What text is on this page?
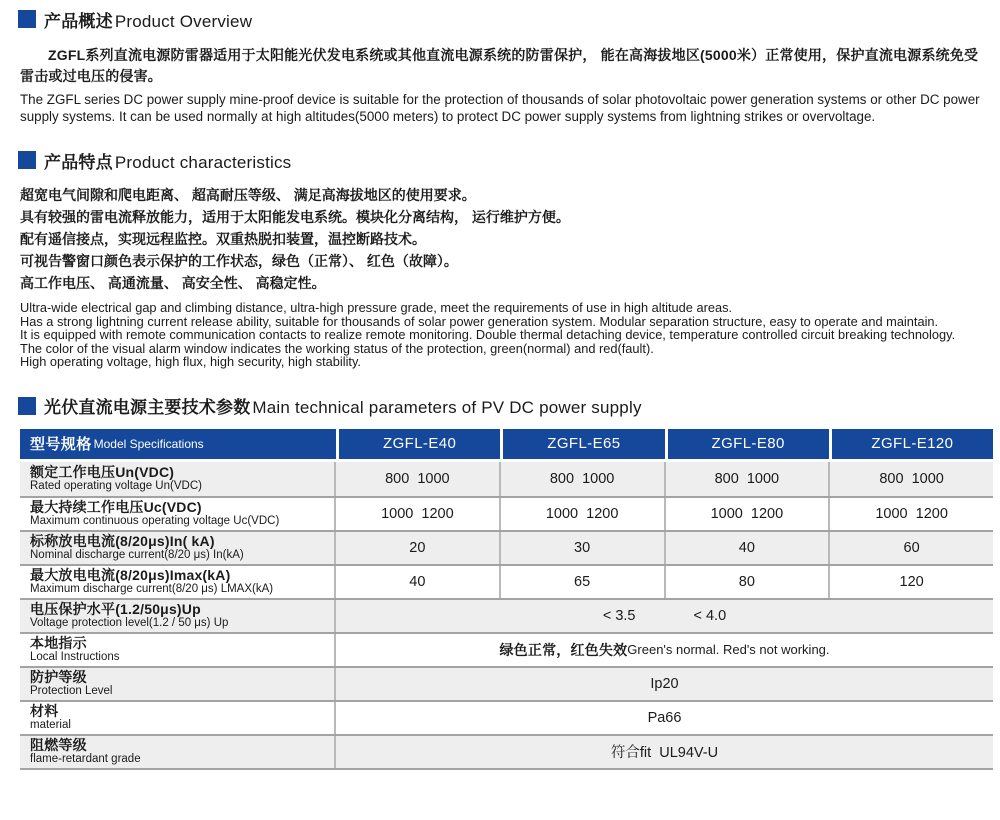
产品概述 Product Overview

ZGFL系列直流电源防雷器适用于太阳能光伏发电系统或其他直流电源系统的防雷保护， 能在高海拔地区(5000米）正常使用，保护直流电源系统免受雷击或过电压的侵害。

The ZGFL series DC power supply mine-proof device is suitable for the protection of thousands of solar photovoltaic power generation systems or other DC power supply systems. It can be used normally at high altitudes(5000 meters) to protect DC power supply systems from lightning strikes or overvoltage.

产品特点 Product characteristics
超宽电气间隙和爬电距离、 超高耐压等级、 满足高海拔地区的使用要求。
具有较强的雷电流释放能力，适用于太阳能发电系统。模块化分离结构， 运行维护方便。
配有遥信接点，实现远程监控。双重热脱扣装置，温控断路技术。
可视告警窗口颜色表示保护的工作状态，绿色（正常）、 红色（故障）。
高工作电压、 高通流量、 高安全性、 高稳定性。
Ultra-wide electrical gap and climbing distance, ultra-high pressure grade, meet the requirements of use in high altitude areas.
Has a strong lightning current release ability, suitable for thousands of solar power generation system. Modular separation structure, easy to operate and maintain.
It is equipped with remote communication contacts to realize remote monitoring. Double thermal detaching device, temperature controlled circuit breaking technology.
The color of the visual alarm window indicates the working status of the protection, green(normal) and red(fault).
High operating voltage, high flux, high security, high stability.
光伏直流电源主要技术参数 Main technical parameters of PV DC power supply
型号规格 Model Specifications	ZGFL-E40	ZGFL-E65	ZGFL-E80	ZGFL-E120
额定工作电压Un(VDC)
Rated operating voltage Un(VDC)	800  1000	800  1000	800  1000	800  1000
最大持续工作电压Uc(VDC)
Maximum continuous operating voltage Uc(VDC)	1000  1200	1000  1200	1000  1200	1000  1200
标称放电电流(8/20μs)In( kA)
Nominal discharge current(8/20 μs) In(kA)	20	30	40	60
最大放电电流(8/20μs)Imax(kA)
Maximum discharge current(8/20 μs) LMAX(kA)	40	65	80	120
电压保护水平(1.2/50μs)Up
Voltage protection level(1.2 / 50 μs) Up	< 3.5	< 4.0
本地指示
Local Instructions	绿色正常，红色失效 Green's normal. Red's not working.
防护等级
Protection Level	Ip20
材料
material	Pa66
阻燃等级
flame-retardant grade	符合fit  UL94V-U
